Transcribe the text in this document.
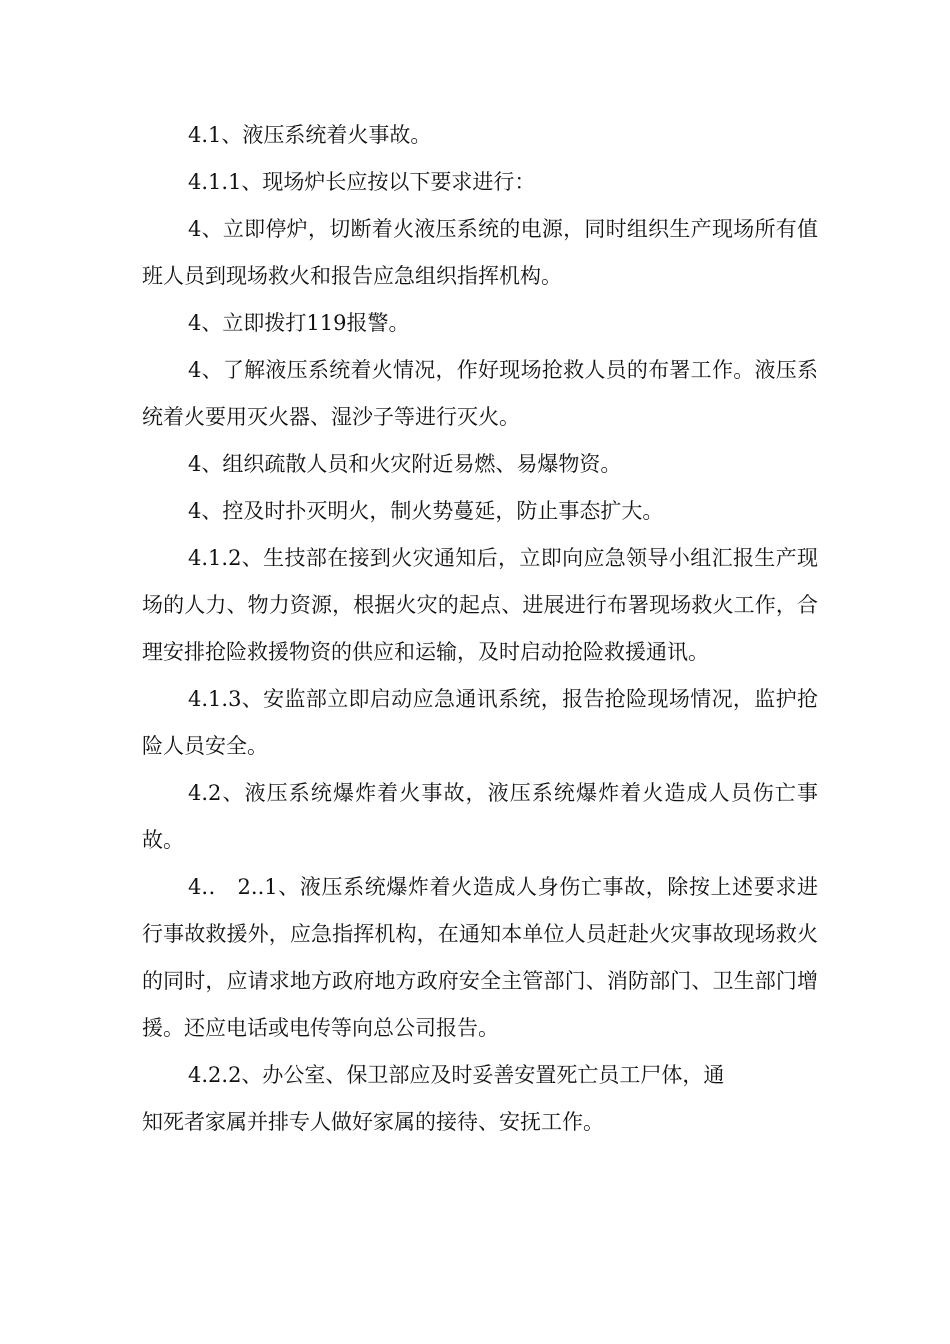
4.1、液压系统着火事故。

4.1.1、现场炉长应按以下要求进行：

4、立即停炉，切断着火液压系统的电源，同时组织生产现场所有值班人员到现场救火和报告应急组织指挥机构。

4、立即拨打119报警。

4、了解液压系统着火情况，作好现场抢救人员的布署工作。液压系统着火要用灭火器、湿沙子等进行灭火。

4、组织疏散人员和火灾附近易燃、易爆物资。

4、控及时扑灭明火，制火势蔓延，防止事态扩大。

4.1.2、生技部在接到火灾通知后，立即向应急领导小组汇报生产现场的人力、物力资源，根据火灾的起点、进展进行布署现场救火工作，合理安排抢险救援物资的供应和运输，及时启动抢险救援通讯。

4.1.3、安监部立即启动应急通讯系统，报告抢险现场情况，监护抢险人员安全。

4.2、液压系统爆炸着火事故，液压系统爆炸着火造成人员伤亡事故。

4.． 2..1、液压系统爆炸着火造成人身伤亡事故，除按上述要求进行事故救援外，应急指挥机构，在通知本单位人员赶赴火灾事故现场救火的同时，应请求地方政府地方政府安全主管部门、消防部门、卫生部门增援。还应电话或电传等向总公司报告。

4.2.2、办公室、保卫部应及时妥善安置死亡员工尸体，通

知死者家属并排专人做好家属的接待、安抚工作。
